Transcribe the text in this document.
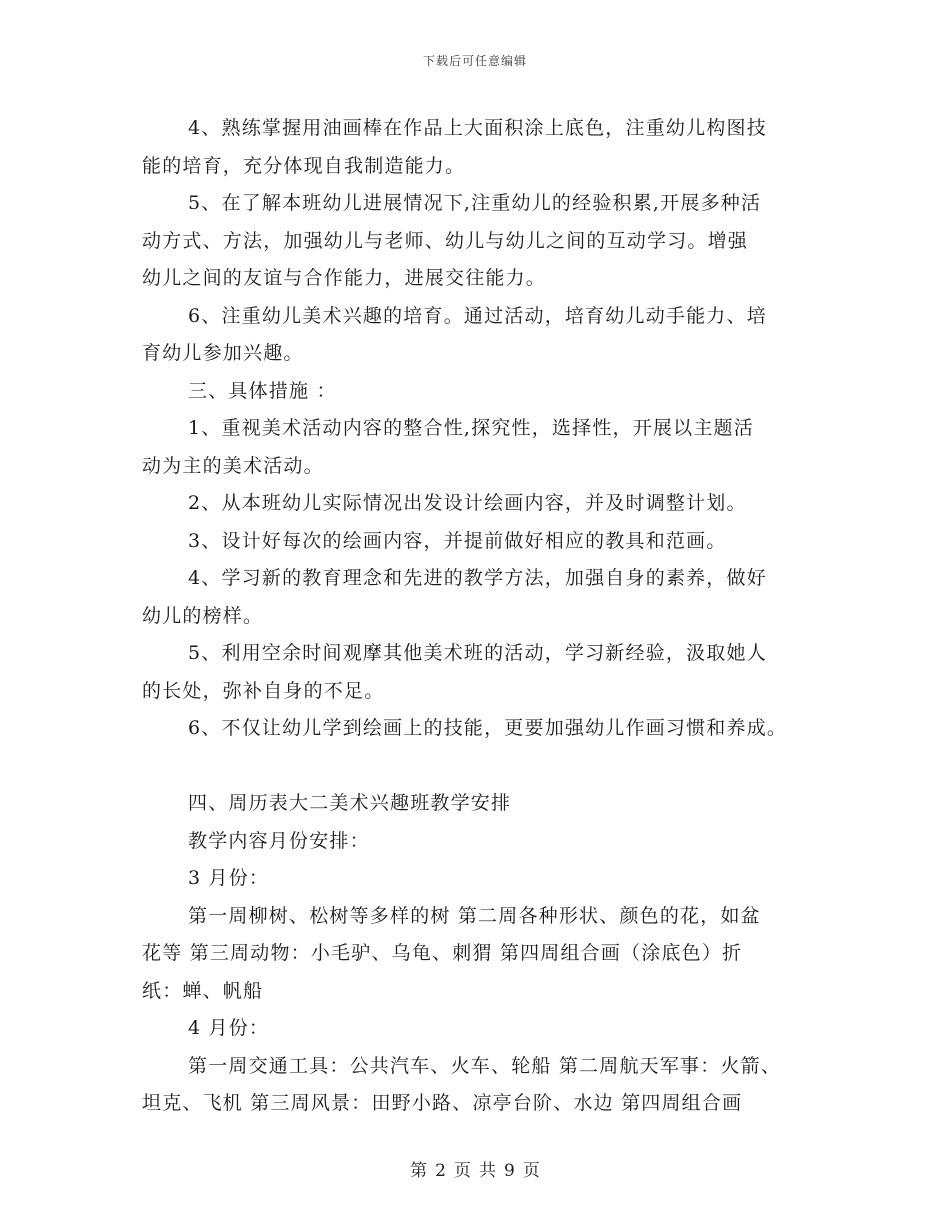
下载后可任意编辑

4、熟练掌握用油画棒在作品上大面积涂上底色，注重幼儿构图技
能的培育，充分体现自我制造能力。

5、在了解本班幼儿进展情况下,注重幼儿的经验积累,开展多种活
动方式、方法，加强幼儿与老师、幼儿与幼儿之间的互动学习。增强
幼儿之间的友谊与合作能力，进展交往能力。

6、注重幼儿美术兴趣的培育。通过活动，培育幼儿动手能力、培
育幼儿参加兴趣。

三、具体措施 ：

1、重视美术活动内容的整合性,探究性，选择性，开展以主题活
动为主的美术活动。

2、从本班幼儿实际情况出发设计绘画内容，并及时调整计划。

3、设计好每次的绘画内容，并提前做好相应的教具和范画。

4、学习新的教育理念和先进的教学方法，加强自身的素养，做好
幼儿的榜样。

5、利用空余时间观摩其他美术班的活动，学习新经验，汲取她人
的长处，弥补自身的不足。

6、不仅让幼儿学到绘画上的技能，更要加强幼儿作画习惯和养成。

四、周历表大二美术兴趣班教学安排

教学内容月份安排：

3 月份：

第一周柳树、松树等多样的树 第二周各种形状、颜色的花，如盆
花等 第三周动物：小毛驴、乌龟、刺猬 第四周组合画（涂底色）折
纸：蝉、帆船

4 月份：

第一周交通工具：公共汽车、火车、轮船 第二周航天军事：火箭、
坦克、飞机 第三周风景：田野小路、凉亭台阶、水边 第四周组合画

第 2 页 共 9 页
